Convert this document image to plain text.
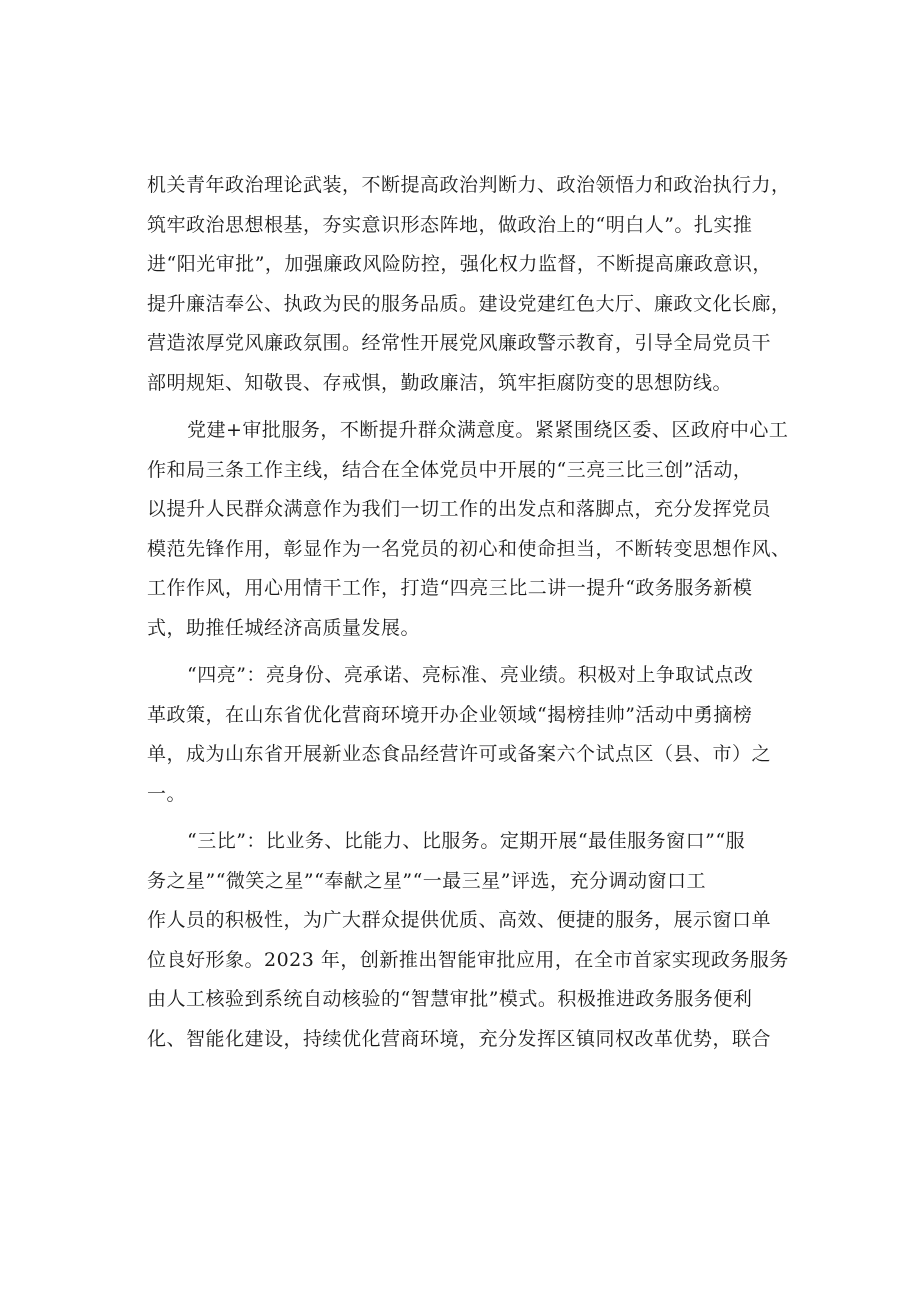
机关青年政治理论武装，不断提高政治判断力、政治领悟力和政治执行力，
筑牢政治思想根基，夯实意识形态阵地，做政治上的“明白人”。扎实推
进“阳光审批”，加强廉政风险防控，强化权力监督，不断提高廉政意识，
提升廉洁奉公、执政为民的服务品质。建设党建红色大厅、廉政文化长廊，
营造浓厚党风廉政氛围。经常性开展党风廉政警示教育，引导全局党员干
部明规矩、知敬畏、存戒惧，勤政廉洁，筑牢拒腐防变的思想防线。

党建+审批服务，不断提升群众满意度。紧紧围绕区委、区政府中心工
作和局三条工作主线，结合在全体党员中开展的“三亮三比三创”活动，
以提升人民群众满意作为我们一切工作的出发点和落脚点，充分发挥党员
模范先锋作用，彰显作为一名党员的初心和使命担当，不断转变思想作风、
工作作风，用心用情干工作，打造“四亮三比二讲一提升“政务服务新模
式，助推任城经济高质量发展。

“四亮”：亮身份、亮承诺、亮标准、亮业绩。积极对上争取试点改
革政策，在山东省优化营商环境开办企业领域“揭榜挂帅”活动中勇摘榜
单，成为山东省开展新业态食品经营许可或备案六个试点区（县、市）之
一。

“三比”：比业务、比能力、比服务。定期开展“最佳服务窗口”“服
务之星”“微笑之星”“奉献之星”“一最三星”评选，充分调动窗口工
作人员的积极性，为广大群众提供优质、高效、便捷的服务，展示窗口单
位良好形象。2023 年，创新推出智能审批应用，在全市首家实现政务服务
由人工核验到系统自动核验的“智慧审批”模式。积极推进政务服务便利
化、智能化建设，持续优化营商环境，充分发挥区镇同权改革优势，联合
